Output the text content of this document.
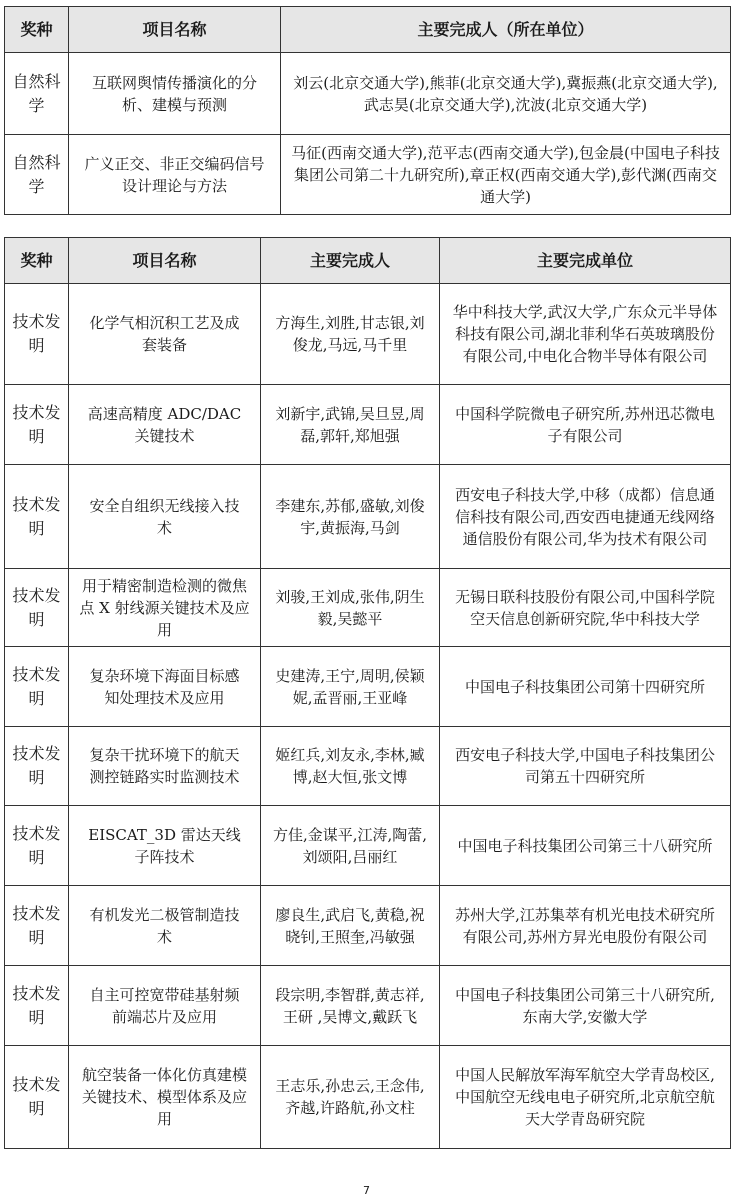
奖种	项目名称	主要完成人（所在单位）
自然科学	互联网舆情传播演化的分析、建模与预测	刘云(北京交通大学),熊菲(北京交通大学),冀振燕(北京交通大学),武志昊(北京交通大学),沈波(北京交通大学)
自然科学	广义正交、非正交编码信号设计理论与方法	马征(西南交通大学),范平志(西南交通大学),包金晨(中国电子科技集团公司第二十九研究所),章正权(西南交通大学),彭代渊(西南交通大学)
奖种	项目名称	主要完成人	主要完成单位
技术发明	化学气相沉积工艺及成套装备	方海生,刘胜,甘志银,刘俊龙,马远,马千里	华中科技大学,武汉大学,广东众元半导体科技有限公司,湖北菲利华石英玻璃股份有限公司,中电化合物半导体有限公司
技术发明	高速高精度 ADC/DAC 关键技术	刘新宇,武锦,吴旦昱,周磊,郭轩,郑旭强	中国科学院微电子研究所,苏州迅芯微电子有限公司
技术发明	安全自组织无线接入技术	李建东,苏郁,盛敏,刘俊宇,黄振海,马剑	西安电子科技大学,中移（成都）信息通信科技有限公司,西安西电捷通无线网络通信股份有限公司,华为技术有限公司
技术发明	用于精密制造检测的微焦点 X 射线源关键技术及应用	刘骏,王刘成,张伟,阴生毅,吴懿平	无锡日联科技股份有限公司,中国科学院空天信息创新研究院,华中科技大学
技术发明	复杂环境下海面目标感知处理技术及应用	史建涛,王宁,周明,侯颖妮,孟晋丽,王亚峰	中国电子科技集团公司第十四研究所
技术发明	复杂干扰环境下的航天测控链路实时监测技术	姬红兵,刘友永,李林,臧博,赵大恒,张文博	西安电子科技大学,中国电子科技集团公司第五十四研究所
技术发明	EISCAT_3D 雷达天线子阵技术	方佳,金谋平,江涛,陶蕾,刘颂阳,吕丽红	中国电子科技集团公司第三十八研究所
技术发明	有机发光二极管制造技术	廖良生,武启飞,黄稳,祝晓钊,王照奎,冯敏强	苏州大学,江苏集萃有机光电技术研究所有限公司,苏州方昇光电股份有限公司
技术发明	自主可控宽带硅基射频前端芯片及应用	段宗明,李智群,黄志祥,王研 ,吴博文,戴跃飞	中国电子科技集团公司第三十八研究所,东南大学,安徽大学
技术发明	航空装备一体化仿真建模关键技术、模型体系及应用	王志乐,孙忠云,王念伟,齐越,许路航,孙文柱	中国人民解放军海军航空大学青岛校区,中国航空无线电电子研究所,北京航空航天大学青岛研究院
7
